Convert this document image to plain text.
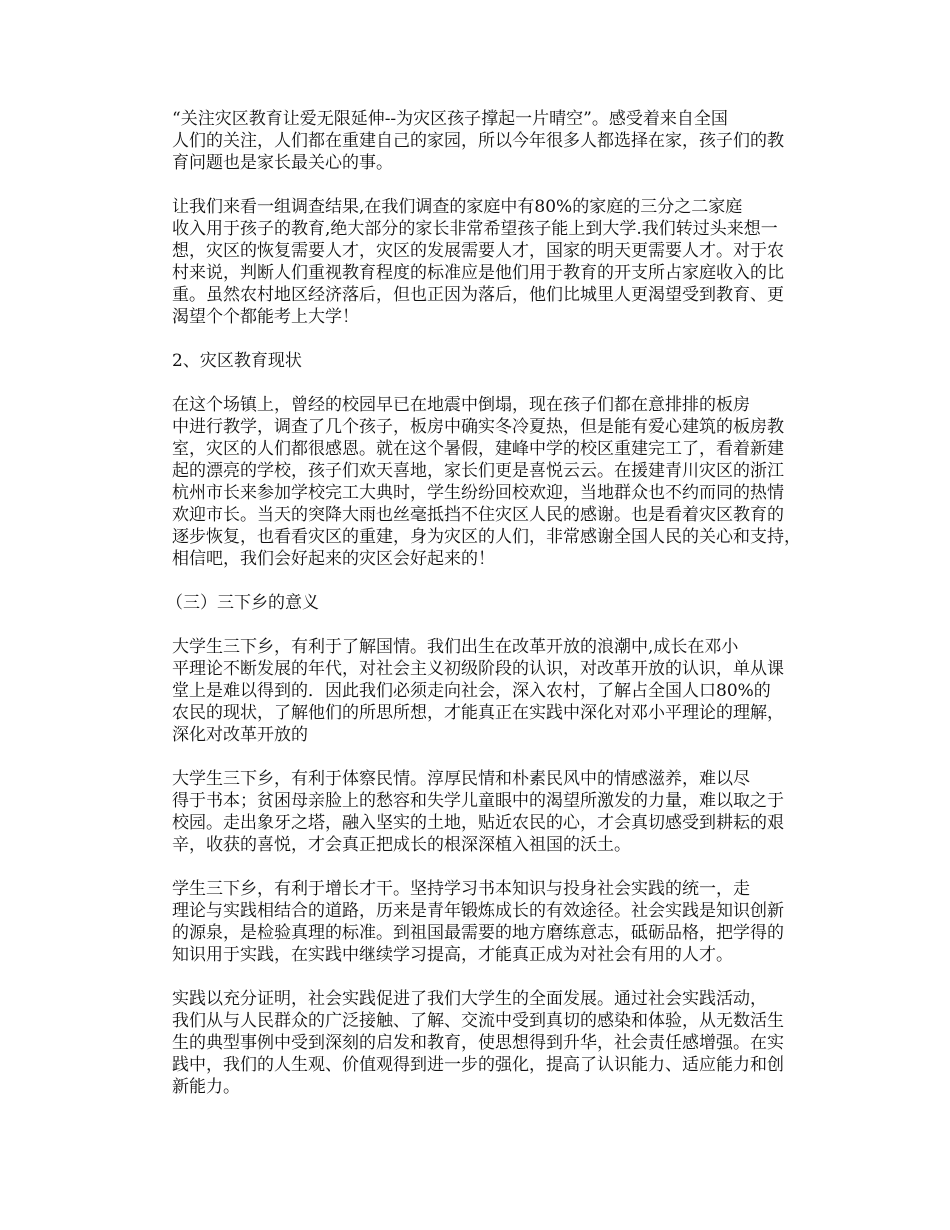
“关注灾区教育让爱无限延伸--为灾区孩子撑起一片晴空”。感受着来自全国
人们的关注，人们都在重建自己的家园，所以今年很多人都选择在家，孩子们的教
育问题也是家长最关心的事。

让我们来看一组调查结果,在我们调查的家庭中有80%的家庭的三分之二家庭
收入用于孩子的教育,绝大部分的家长非常希望孩子能上到大学.我们转过头来想一
想，灾区的恢复需要人才，灾区的发展需要人才，国家的明天更需要人才。对于农
村来说，判断人们重视教育程度的标准应是他们用于教育的开支所占家庭收入的比
重。虽然农村地区经济落后，但也正因为落后，他们比城里人更渴望受到教育、更
渴望个个都能考上大学！

2、灾区教育现状

在这个场镇上，曾经的校园早已在地震中倒塌，现在孩子们都在意排排的板房
中进行教学，调查了几个孩子，板房中确实冬冷夏热，但是能有爱心建筑的板房教
室，灾区的人们都很感恩。就在这个暑假，建峰中学的校区重建完工了，看着新建
起的漂亮的学校，孩子们欢天喜地，家长们更是喜悦云云。在援建青川灾区的浙江
杭州市长来参加学校完工大典时，学生纷纷回校欢迎，当地群众也不约而同的热情
欢迎市长。当天的突降大雨也丝毫抵挡不住灾区人民的感谢。也是看着灾区教育的
逐步恢复，也看看灾区的重建，身为灾区的人们，非常感谢全国人民的关心和支持，
相信吧，我们会好起来的灾区会好起来的！

（三）三下乡的意义

大学生三下乡，有利于了解国情。我们出生在改革开放的浪潮中,成长在邓小
平理论不断发展的年代，对社会主义初级阶段的认识，对改革开放的认识，单从课
堂上是难以得到的．因此我们必须走向社会，深入农村，了解占全国人口80%的
农民的现状，了解他们的所思所想，才能真正在实践中深化对邓小平理论的理解，
深化对改革开放的

大学生三下乡，有利于体察民情。淳厚民情和朴素民风中的情感滋养，难以尽
得于书本；贫困母亲脸上的愁容和失学儿童眼中的渴望所激发的力量，难以取之于
校园。走出象牙之塔，融入坚实的土地，贴近农民的心，才会真切感受到耕耘的艰
辛，收获的喜悦，才会真正把成长的根深深植入祖国的沃土。

学生三下乡，有利于增长才干。坚持学习书本知识与投身社会实践的统一，走
理论与实践相结合的道路，历来是青年锻炼成长的有效途径。社会实践是知识创新
的源泉，是检验真理的标准。到祖国最需要的地方磨练意志，砥砺品格，把学得的
知识用于实践，在实践中继续学习提高，才能真正成为对社会有用的人才。

实践以充分证明，社会实践促进了我们大学生的全面发展。通过社会实践活动，
我们从与人民群众的广泛接触、了解、交流中受到真切的感染和体验，从无数活生
生的典型事例中受到深刻的启发和教育，使思想得到升华，社会责任感增强。在实
践中，我们的人生观、价值观得到进一步的强化，提高了认识能力、适应能力和创
新能力。
